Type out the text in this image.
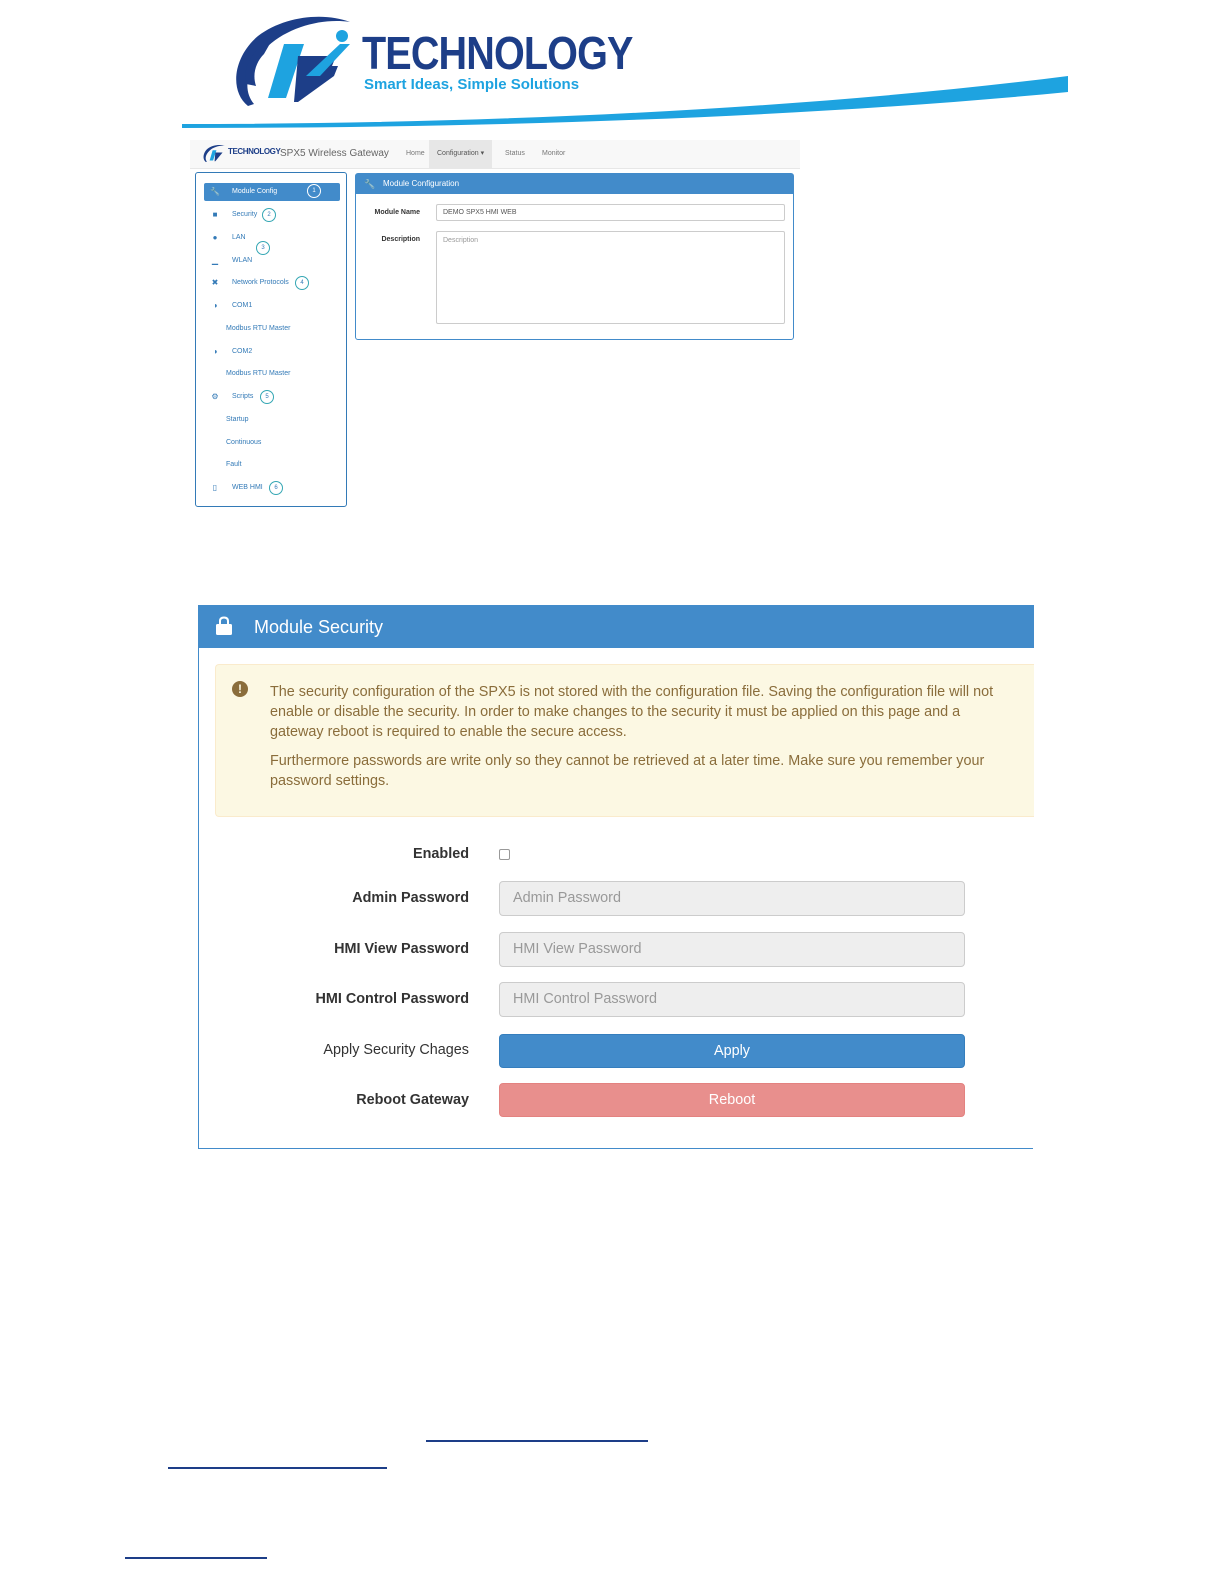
TECHNOLOGY
Smart Ideas, Simple Solutions
TECHNOLOGY SPX5 Wireless Gateway	Home	Configuration ▾	Status	Monitor
🔧 Module Config	1
■	Security	2
●	LAN
3
▁ WLAN
✖ Network Protocols	4
◑	COM1
Modbus RTU Master
◑	COM2
Modbus RTU Master
⚙ Scripts	5
Startup
Continuous
Fault
▯	WEB HMI	6
🔧 Module Configuration
Module Name	DEMO SPX5 HMI WEB
Description	Description
Module Security
!	The security configuration of the SPX5 is not stored with the configuration file. Saving the configuration file will not enable or disable the security. In order to make changes to the security it must be applied on this page and a gateway reboot is required to enable the secure access.

Furthermore passwords are write only so they cannot be retrieved at a later time. Make sure you remember your password settings.

Enabled
Admin Password	Admin Password
HMI View Password	HMI View Password
HMI Control Password	HMI Control Password
Apply Security Chages	Apply
Reboot Gateway	Reboot
